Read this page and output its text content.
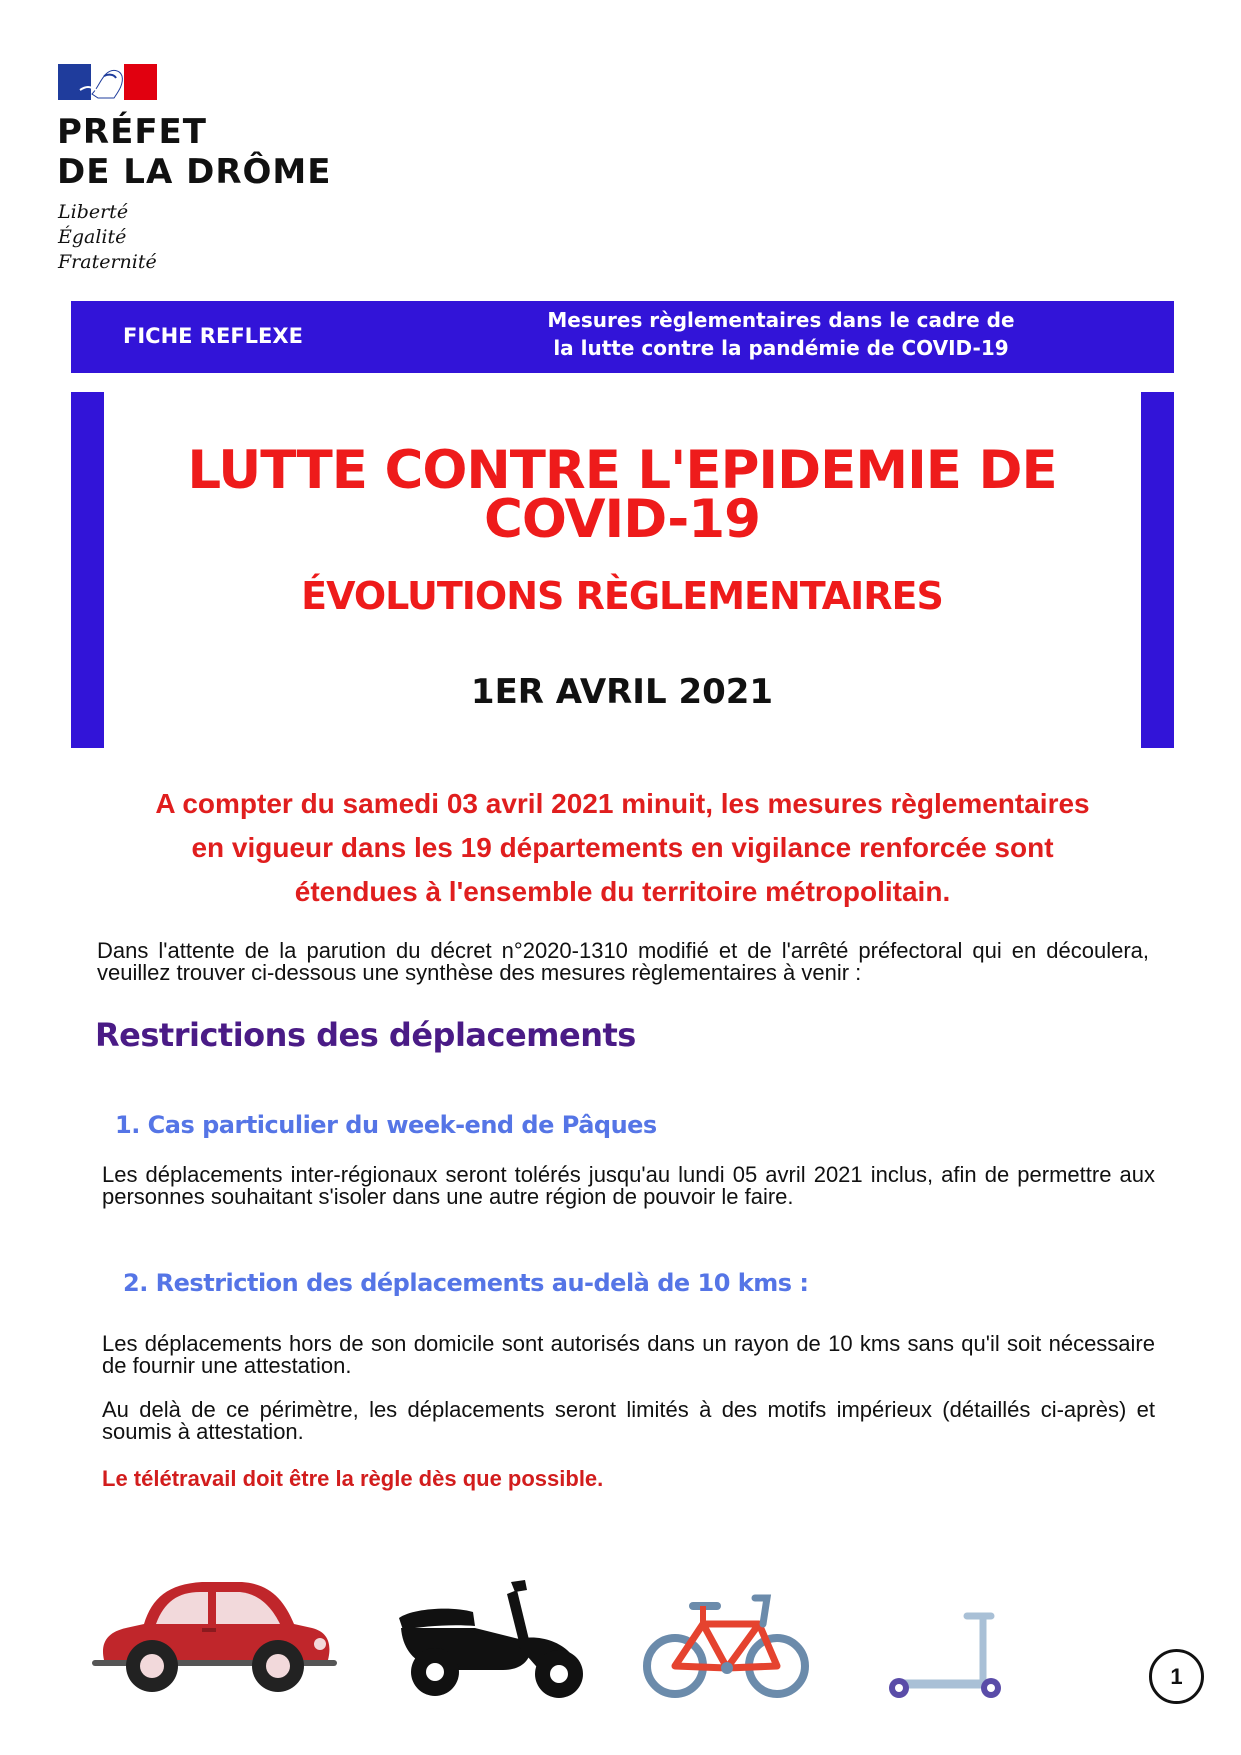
PRÉFET
DE LA DRÔME
Liberté
Égalité
Fraternité
FICHE REFLEXE
Mesures règlementaires dans le cadre de
la lutte contre la pandémie de COVID-19
LUTTE CONTRE L'EPIDEMIE DE
COVID-19
ÉVOLUTIONS RÈGLEMENTAIRES
1ER AVRIL 2021
A compter du samedi 03 avril 2021 minuit, les mesures règlementaires
en vigueur dans les 19 départements en vigilance renforcée sont
étendues à l'ensemble du territoire métropolitain.

Dans l'attente de la parution du décret n°2020-1310 modifié et de l'arrêté préfectoral qui en découlera, veuillez trouver ci-dessous une synthèse des mesures règlementaires à venir :

Restrictions des déplacements
1. Cas particulier du week-end de Pâques

Les déplacements inter-régionaux seront tolérés jusqu'au lundi 05 avril 2021 inclus, afin de permettre aux personnes souhaitant s'isoler dans une autre région de pouvoir le faire.

2. Restriction des déplacements au-delà de 10 kms :

Les déplacements hors de son domicile sont autorisés dans un rayon de 10 kms sans qu'il soit nécessaire de fournir une attestation.

Au delà de ce périmètre, les déplacements seront limités à des motifs impérieux (détaillés ci-après) et soumis à attestation.

Le télétravail doit être la règle dès que possible.

1
